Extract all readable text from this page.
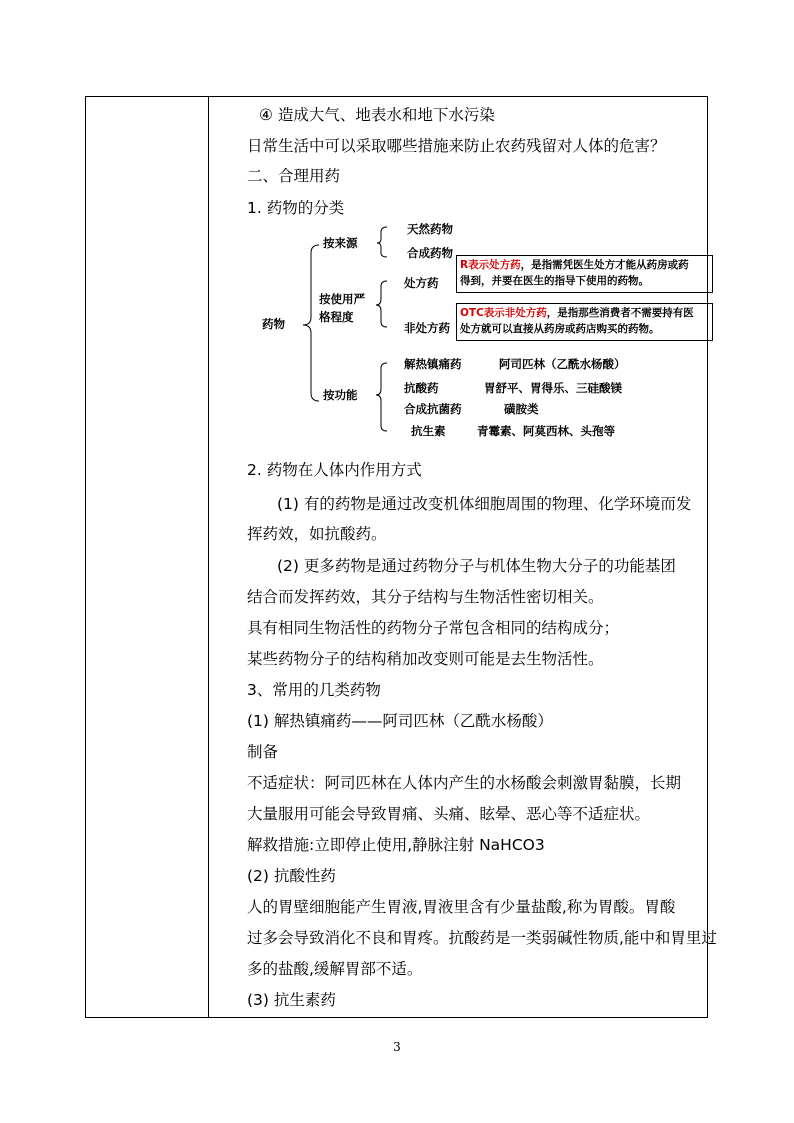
④ 造成大气、地表水和地下水污染
日常生活中可以采取哪些措施来防止农药残留对人体的危害？
二、合理用药
1. 药物的分类
药物
按来源
天然药物
合成药物
按使用严
格程度
处方药
非处方药
R表示处方药，是指需凭医生处方才能从药房或药
得到，并要在医生的指导下使用的药物。
OTC表示非处方药，是指那些消费者不需要持有医
处方就可以直接从药房或药店购买的药物。
按功能
解热镇痛药	阿司匹林（乙酰水杨酸）
抗酸药	胃舒平、胃得乐、三硅酸镁
合成抗菌药	磺胺类
抗生素	青霉素、阿莫西林、头孢等
2. 药物在人体内作用方式
(1) 有的药物是通过改变机体细胞周围的物理、化学环境而发
挥药效，如抗酸药。
(2) 更多药物是通过药物分子与机体生物大分子的功能基团
结合而发挥药效，其分子结构与生物活性密切相关。
具有相同生物活性的药物分子常包含相同的结构成分；
某些药物分子的结构稍加改变则可能是去生物活性。
3、常用的几类药物
(1) 解热镇痛药——阿司匹林（乙酰水杨酸）
制备
不适症状：阿司匹林在人体内产生的水杨酸会刺激胃黏膜，长期
大量服用可能会导致胃痛、头痛、眩晕、恶心等不适症状。
解救措施:立即停止使用,静脉注射 NaHCO3
(2) 抗酸性药
人的胃壁细胞能产生胃液,胃液里含有少量盐酸,称为胃酸。胃酸
过多会导致消化不良和胃疼。抗酸药是一类弱碱性物质,能中和胃里过
多的盐酸,缓解胃部不适。
(3) 抗生素药
3
